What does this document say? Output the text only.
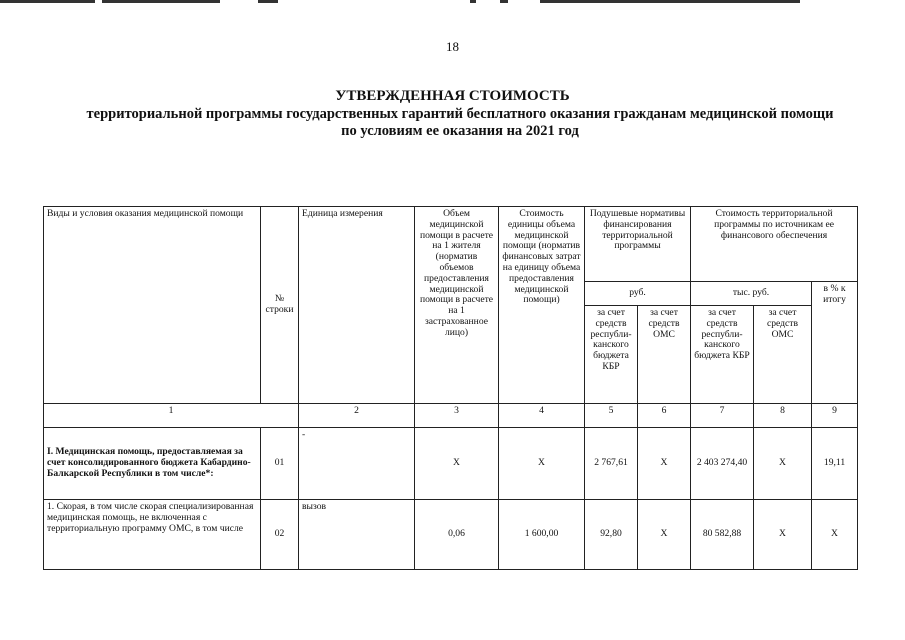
18
УТВЕРЖДЕННАЯ СТОИМОСТЬ
территориальной программы государственных гарантий бесплатного оказания гражданам медицинской помощи по условиям ее оказания на 2021 год
Виды и условия оказания медицинской помощи	№ строки	Единица измерения	Объем медицинской помощи в расчете на 1 жителя (норматив объемов предоставления медицинской помощи в расчете на 1 застрахованное лицо)	Стоимость единицы объема медицинской помощи (норматив финансовых затрат на единицу объема предоставления медицинской помощи)	Подушевые нормативы финансирования территориальной программы		Стоимость территориальной программы по источникам ее финансового обеспечения		
					руб.		тыс. руб.		в % к итогу
					за счет средств республи-канского бюджета КБР	за счет средств ОМС	за счет средств республи-канского бюджета КБР	за счет средств ОМС	
1		2	3	4	5	6	7	8	9
I. Медицинская помощь, предоставляемая за счет консолидированного бюджета Кабардино-Балкарской Республики в том числе*:	01	-	X	X	2 767,61	X	2 403 274,40	X	19,11
1. Скорая, в том числе скорая специализированная медицинская помощь, не включенная с территориальную программу ОМС, в том числе	02	вызов	0,06	1 600,00	92,80	X	80 582,88	X	X
